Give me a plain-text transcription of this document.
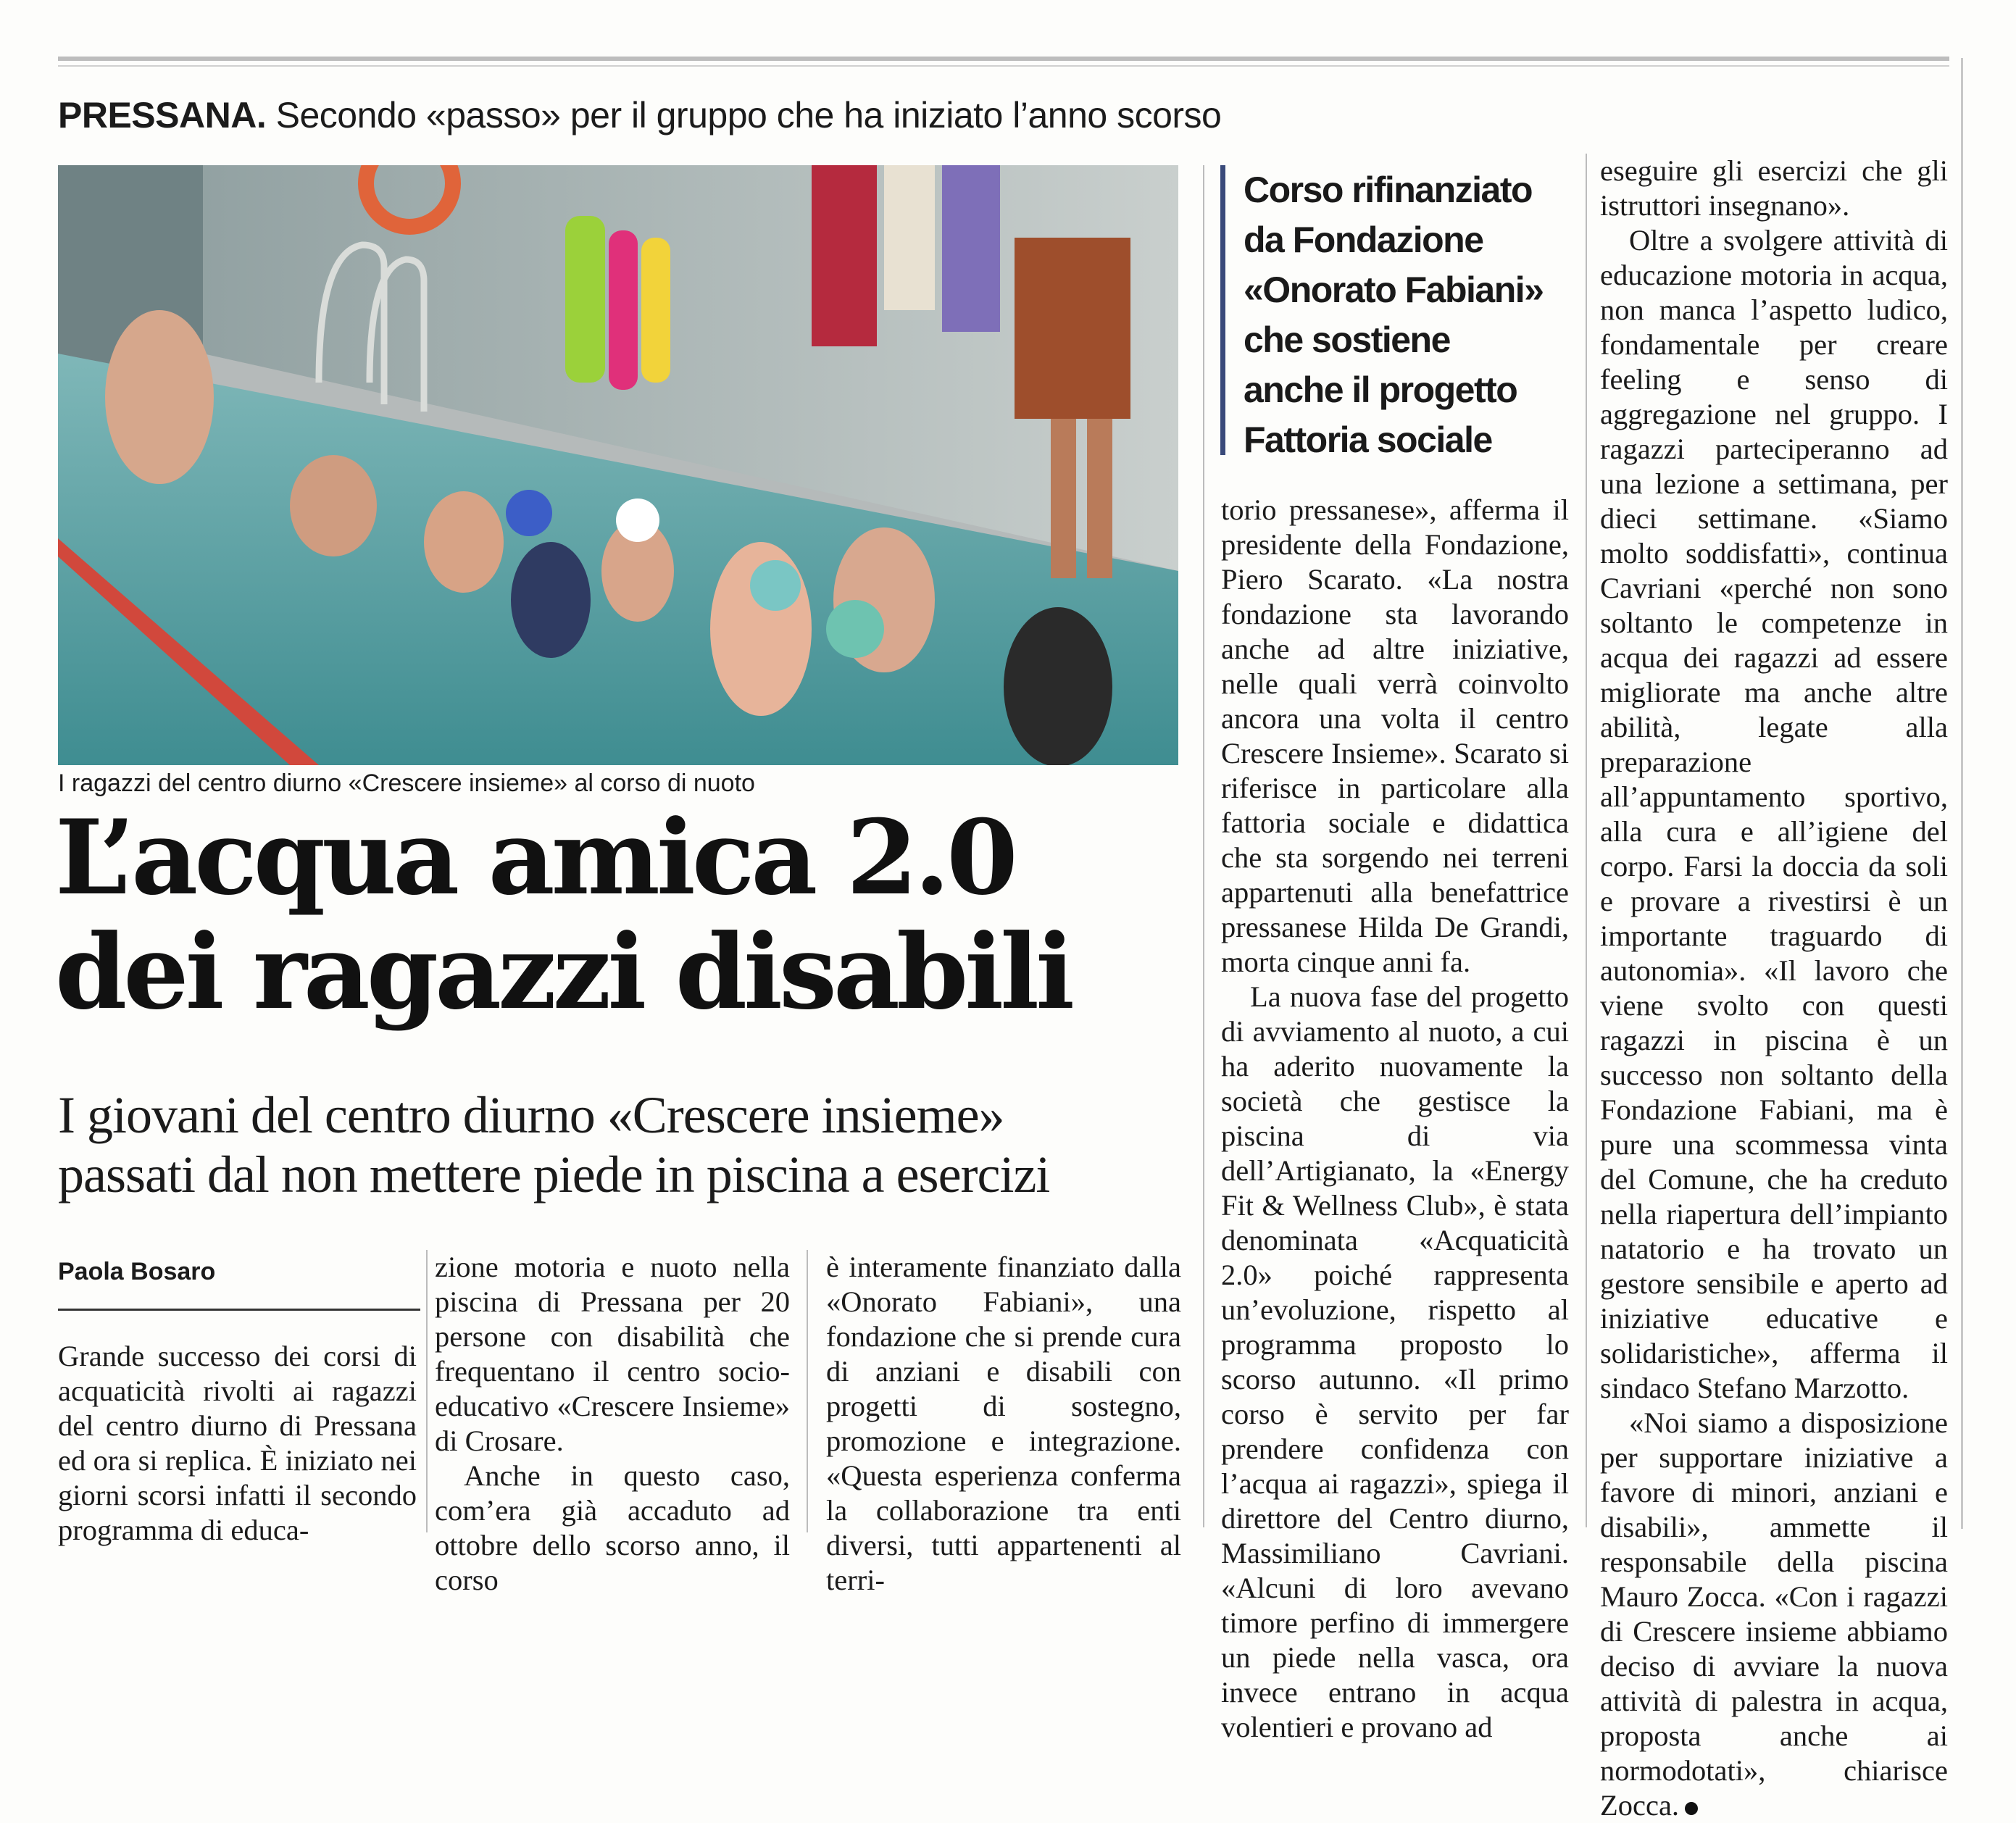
PRESSANA. Secondo «passo» per il gruppo che ha iniziato l’anno scorso
I ragazzi del centro diurno «Crescere insieme» al corso di nuoto
L’acqua amica 2.0
dei ragazzi disabili
I giovani del centro diurno «Crescere insieme»
passati dal non mettere piede in piscina a esercizi
Paola Bosaro
Corso rifinanziato
da Fondazione
«Onorato Fabiani»
che sostiene
anche il progetto
Fattoria sociale

Grande successo dei corsi di acquaticità rivolti ai ragazzi del centro diurno di Pressana ed ora si replica. È iniziato nei giorni scorsi infatti il secondo programma di educa-

zione motoria e nuoto nella piscina di Pressana per 20 persone con disabilità che frequentano il centro socio-educativo «Crescere Insieme» di Crosare.

Anche in questo caso, com’era già accaduto ad ottobre dello scorso anno, il corso

è interamente finanziato dalla «Onorato Fabiani», una fondazione che si prende cura di anziani e disabili con progetti di sostegno, promozione e integrazione. «Questa esperienza conferma la collaborazione tra enti diversi, tutti appartenenti al terri-

torio pressanese», afferma il presidente della Fondazione, Piero Scarato. «La nostra fondazione sta lavorando anche ad altre iniziative, nelle quali verrà coinvolto ancora una volta il centro Crescere Insieme». Scarato si riferisce in particolare alla fattoria sociale e didattica che sta sorgendo nei terreni appartenuti alla benefattrice pressanese Hilda De Grandi, morta cinque anni fa.

La nuova fase del progetto di avviamento al nuoto, a cui ha aderito nuovamente la società che gestisce la piscina di via dell’Artigianato, la «Energy Fit & Wellness Club», è stata denominata «Acquaticità 2.0» poiché rappresenta un’evoluzione, rispetto al programma proposto lo scorso autunno. «Il primo corso è servito per far prendere confidenza con l’acqua ai ragazzi», spiega il direttore del Centro diurno, Massimiliano Cavriani. «Alcuni di loro avevano timore perfino di immergere un piede nella vasca, ora invece entrano in acqua volentieri e provano ad

eseguire gli esercizi che gli istruttori insegnano».

Oltre a svolgere attività di educazione motoria in acqua, non manca l’aspetto ludico, fondamentale per creare feeling e senso di aggregazione nel gruppo. I ragazzi parteciperanno ad una lezione a settimana, per dieci settimane. «Siamo molto soddisfatti», continua Cavriani «perché non sono soltanto le competenze in acqua dei ragazzi ad essere migliorate ma anche altre abilità, legate alla preparazione all’appuntamento sportivo, alla cura e all’igiene del corpo. Farsi la doccia da soli e provare a rivestirsi è un importante traguardo di autonomia». «Il lavoro che viene svolto con questi ragazzi in piscina è un successo non soltanto della Fondazione Fabiani, ma è pure una scommessa vinta del Comune, che ha creduto nella riapertura dell’impianto natatorio e ha trovato un gestore sensibile e aperto ad iniziative educative e solidaristiche», afferma il sindaco Stefano Marzotto.

«Noi siamo a disposizione per supportare iniziative a favore di minori, anziani e disabili», ammette il responsabile della piscina Mauro Zocca. «Con i ragazzi di Crescere insieme abbiamo deciso di avviare la nuova attività di palestra in acqua, proposta anche ai normodotati», chiarisce Zocca.
